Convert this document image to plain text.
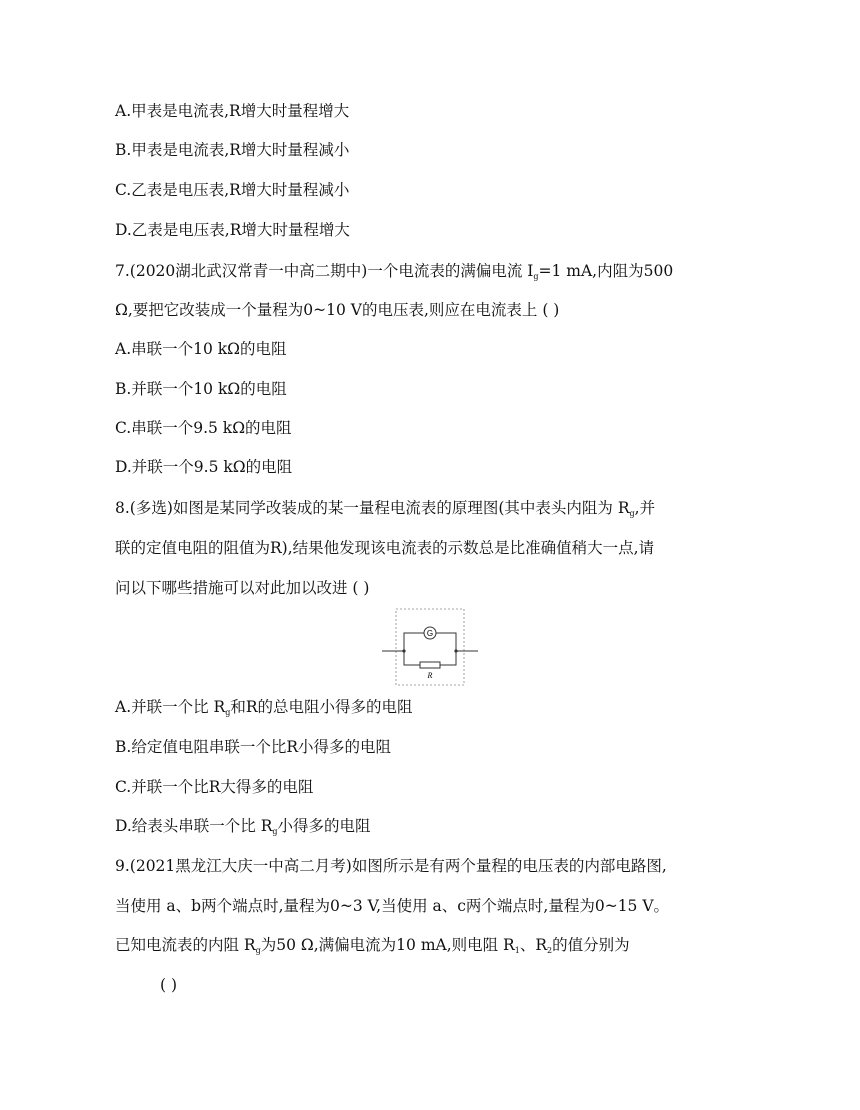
A.甲表是电流表,R增大时量程增大
B.甲表是电流表,R增大时量程减小
C.乙表是电压表,R增大时量程减小
D.乙表是电压表,R增大时量程增大
7.(2020湖北武汉常青一中高二期中)一个电流表的满偏电流 $I_g=1$ mA,内阻为500
Ω,要把它改装成一个量程为0~10 V的电压表,则应在电流表上 ( )
A.串联一个10 kΩ的电阻
B.并联一个10 kΩ的电阻
C.串联一个9.5 kΩ的电阻
D.并联一个9.5 kΩ的电阻
8.(多选)如图是某同学改装成的某一量程电流表的原理图(其中表头内阻为 $R_g$,并
联的定值电阻的阻值为R),结果他发现该电流表的示数总是比准确值稍大一点,请
问以下哪些措施可以对此加以改进 ( )
G
R
A.并联一个比 $R_g$和R的总电阻小得多的电阻
B.给定值电阻串联一个比R小得多的电阻
C.并联一个比R大得多的电阻
D.给表头串联一个比 $R_g$小得多的电阻
9.(2021黑龙江大庆一中高二月考)如图所示是有两个量程的电压表的内部电路图,
当使用 a、b两个端点时,量程为0~3 V,当使用 a、c两个端点时,量程为0~15 V。
已知电流表的内阻 $R_g$为50 Ω,满偏电流为10 mA,则电阻 $R_1$、$R_2$的值分别为
( )
